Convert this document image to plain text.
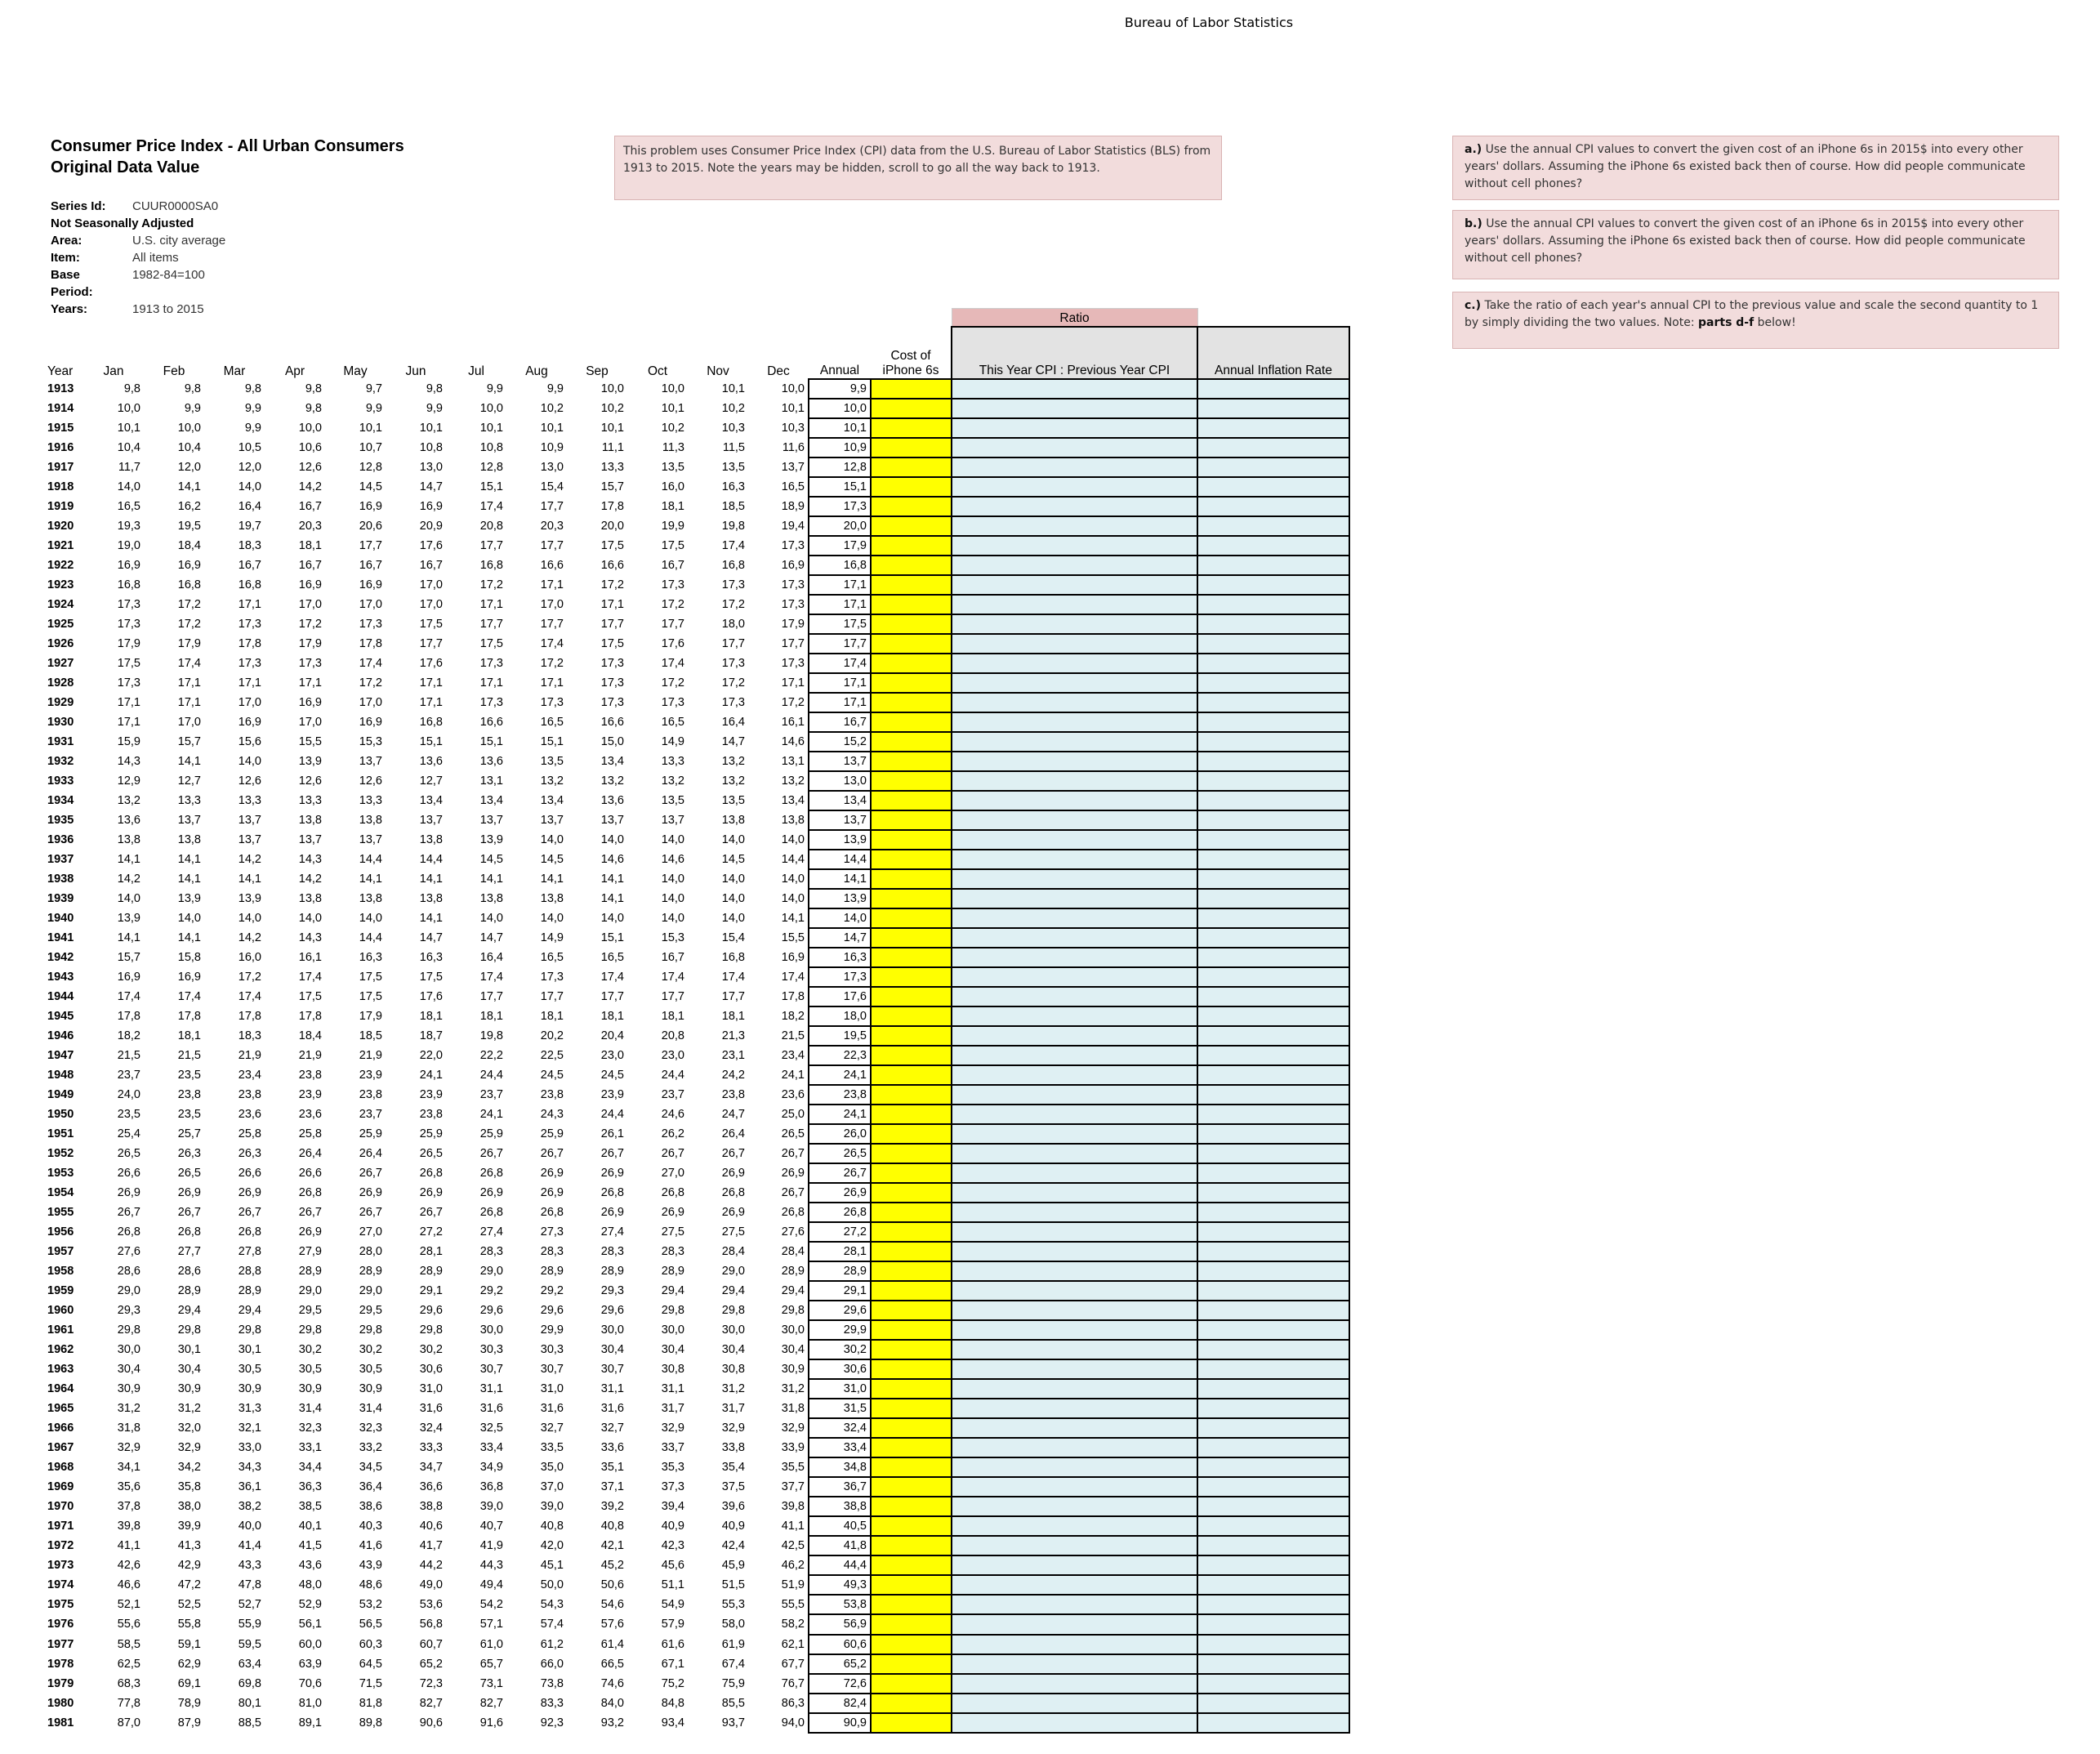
Bureau of Labor Statistics
Consumer Price Index - All Urban Consumers
Original Data Value
Series Id:	CUUR0000SA0
Not Seasonally Adjusted
Area:	U.S. city average
Item:	All items
Base	1982-84=100
Period:
Years:	1913 to 2015
This problem uses Consumer Price Index (CPI) data from the U.S. Bureau of Labor Statistics (BLS) from 1913 to 2015. Note the years may be hidden, scroll to go all the way back to 1913.
a.) Use the annual CPI values to convert the given cost of an iPhone 6s in 2015$ into every other years' dollars. Assuming the iPhone 6s existed back then of course. How did people communicate without cell phones?
b.) Use the annual CPI values to convert the given cost of an iPhone 6s in 2015$ into every other years' dollars. Assuming the iPhone 6s existed back then of course. How did people communicate without cell phones?
c.) Take the ratio of each year's annual CPI to the previous value and scale the second quantity to 1 by simply dividing the two values. Note: parts d-f below!
															Ratio	
Year	Jan	Feb	Mar	Apr	May	Jun	Jul	Aug	Sep	Oct	Nov	Dec	Annual	Cost of iPhone 6s	This Year CPI : Previous Year CPI	Annual Inflation Rate
1913	9,8	9,8	9,8	9,8	9,7	9,8	9,9	9,9	10,0	10,0	10,1	10,0	9,9			
1914	10,0	9,9	9,9	9,8	9,9	9,9	10,0	10,2	10,2	10,1	10,2	10,1	10,0			
1915	10,1	10,0	9,9	10,0	10,1	10,1	10,1	10,1	10,1	10,2	10,3	10,3	10,1			
1916	10,4	10,4	10,5	10,6	10,7	10,8	10,8	10,9	11,1	11,3	11,5	11,6	10,9			
1917	11,7	12,0	12,0	12,6	12,8	13,0	12,8	13,0	13,3	13,5	13,5	13,7	12,8			
1918	14,0	14,1	14,0	14,2	14,5	14,7	15,1	15,4	15,7	16,0	16,3	16,5	15,1			
1919	16,5	16,2	16,4	16,7	16,9	16,9	17,4	17,7	17,8	18,1	18,5	18,9	17,3			
1920	19,3	19,5	19,7	20,3	20,6	20,9	20,8	20,3	20,0	19,9	19,8	19,4	20,0			
1921	19,0	18,4	18,3	18,1	17,7	17,6	17,7	17,7	17,5	17,5	17,4	17,3	17,9			
1922	16,9	16,9	16,7	16,7	16,7	16,7	16,8	16,6	16,6	16,7	16,8	16,9	16,8			
1923	16,8	16,8	16,8	16,9	16,9	17,0	17,2	17,1	17,2	17,3	17,3	17,3	17,1			
1924	17,3	17,2	17,1	17,0	17,0	17,0	17,1	17,0	17,1	17,2	17,2	17,3	17,1			
1925	17,3	17,2	17,3	17,2	17,3	17,5	17,7	17,7	17,7	17,7	18,0	17,9	17,5			
1926	17,9	17,9	17,8	17,9	17,8	17,7	17,5	17,4	17,5	17,6	17,7	17,7	17,7			
1927	17,5	17,4	17,3	17,3	17,4	17,6	17,3	17,2	17,3	17,4	17,3	17,3	17,4			
1928	17,3	17,1	17,1	17,1	17,2	17,1	17,1	17,1	17,3	17,2	17,2	17,1	17,1			
1929	17,1	17,1	17,0	16,9	17,0	17,1	17,3	17,3	17,3	17,3	17,3	17,2	17,1			
1930	17,1	17,0	16,9	17,0	16,9	16,8	16,6	16,5	16,6	16,5	16,4	16,1	16,7			
1931	15,9	15,7	15,6	15,5	15,3	15,1	15,1	15,1	15,0	14,9	14,7	14,6	15,2			
1932	14,3	14,1	14,0	13,9	13,7	13,6	13,6	13,5	13,4	13,3	13,2	13,1	13,7			
1933	12,9	12,7	12,6	12,6	12,6	12,7	13,1	13,2	13,2	13,2	13,2	13,2	13,0			
1934	13,2	13,3	13,3	13,3	13,3	13,4	13,4	13,4	13,6	13,5	13,5	13,4	13,4			
1935	13,6	13,7	13,7	13,8	13,8	13,7	13,7	13,7	13,7	13,7	13,8	13,8	13,7			
1936	13,8	13,8	13,7	13,7	13,7	13,8	13,9	14,0	14,0	14,0	14,0	14,0	13,9			
1937	14,1	14,1	14,2	14,3	14,4	14,4	14,5	14,5	14,6	14,6	14,5	14,4	14,4			
1938	14,2	14,1	14,1	14,2	14,1	14,1	14,1	14,1	14,1	14,0	14,0	14,0	14,1			
1939	14,0	13,9	13,9	13,8	13,8	13,8	13,8	13,8	14,1	14,0	14,0	14,0	13,9			
1940	13,9	14,0	14,0	14,0	14,0	14,1	14,0	14,0	14,0	14,0	14,0	14,1	14,0			
1941	14,1	14,1	14,2	14,3	14,4	14,7	14,7	14,9	15,1	15,3	15,4	15,5	14,7			
1942	15,7	15,8	16,0	16,1	16,3	16,3	16,4	16,5	16,5	16,7	16,8	16,9	16,3			
1943	16,9	16,9	17,2	17,4	17,5	17,5	17,4	17,3	17,4	17,4	17,4	17,4	17,3			
1944	17,4	17,4	17,4	17,5	17,5	17,6	17,7	17,7	17,7	17,7	17,7	17,8	17,6			
1945	17,8	17,8	17,8	17,8	17,9	18,1	18,1	18,1	18,1	18,1	18,1	18,2	18,0			
1946	18,2	18,1	18,3	18,4	18,5	18,7	19,8	20,2	20,4	20,8	21,3	21,5	19,5			
1947	21,5	21,5	21,9	21,9	21,9	22,0	22,2	22,5	23,0	23,0	23,1	23,4	22,3			
1948	23,7	23,5	23,4	23,8	23,9	24,1	24,4	24,5	24,5	24,4	24,2	24,1	24,1			
1949	24,0	23,8	23,8	23,9	23,8	23,9	23,7	23,8	23,9	23,7	23,8	23,6	23,8			
1950	23,5	23,5	23,6	23,6	23,7	23,8	24,1	24,3	24,4	24,6	24,7	25,0	24,1			
1951	25,4	25,7	25,8	25,8	25,9	25,9	25,9	25,9	26,1	26,2	26,4	26,5	26,0			
1952	26,5	26,3	26,3	26,4	26,4	26,5	26,7	26,7	26,7	26,7	26,7	26,7	26,5			
1953	26,6	26,5	26,6	26,6	26,7	26,8	26,8	26,9	26,9	27,0	26,9	26,9	26,7			
1954	26,9	26,9	26,9	26,8	26,9	26,9	26,9	26,9	26,8	26,8	26,8	26,7	26,9			
1955	26,7	26,7	26,7	26,7	26,7	26,7	26,8	26,8	26,9	26,9	26,9	26,8	26,8			
1956	26,8	26,8	26,8	26,9	27,0	27,2	27,4	27,3	27,4	27,5	27,5	27,6	27,2			
1957	27,6	27,7	27,8	27,9	28,0	28,1	28,3	28,3	28,3	28,3	28,4	28,4	28,1			
1958	28,6	28,6	28,8	28,9	28,9	28,9	29,0	28,9	28,9	28,9	29,0	28,9	28,9			
1959	29,0	28,9	28,9	29,0	29,0	29,1	29,2	29,2	29,3	29,4	29,4	29,4	29,1			
1960	29,3	29,4	29,4	29,5	29,5	29,6	29,6	29,6	29,6	29,8	29,8	29,8	29,6			
1961	29,8	29,8	29,8	29,8	29,8	29,8	30,0	29,9	30,0	30,0	30,0	30,0	29,9			
1962	30,0	30,1	30,1	30,2	30,2	30,2	30,3	30,3	30,4	30,4	30,4	30,4	30,2			
1963	30,4	30,4	30,5	30,5	30,5	30,6	30,7	30,7	30,7	30,8	30,8	30,9	30,6			
1964	30,9	30,9	30,9	30,9	30,9	31,0	31,1	31,0	31,1	31,1	31,2	31,2	31,0			
1965	31,2	31,2	31,3	31,4	31,4	31,6	31,6	31,6	31,6	31,7	31,7	31,8	31,5			
1966	31,8	32,0	32,1	32,3	32,3	32,4	32,5	32,7	32,7	32,9	32,9	32,9	32,4			
1967	32,9	32,9	33,0	33,1	33,2	33,3	33,4	33,5	33,6	33,7	33,8	33,9	33,4			
1968	34,1	34,2	34,3	34,4	34,5	34,7	34,9	35,0	35,1	35,3	35,4	35,5	34,8			
1969	35,6	35,8	36,1	36,3	36,4	36,6	36,8	37,0	37,1	37,3	37,5	37,7	36,7			
1970	37,8	38,0	38,2	38,5	38,6	38,8	39,0	39,0	39,2	39,4	39,6	39,8	38,8			
1971	39,8	39,9	40,0	40,1	40,3	40,6	40,7	40,8	40,8	40,9	40,9	41,1	40,5			
1972	41,1	41,3	41,4	41,5	41,6	41,7	41,9	42,0	42,1	42,3	42,4	42,5	41,8			
1973	42,6	42,9	43,3	43,6	43,9	44,2	44,3	45,1	45,2	45,6	45,9	46,2	44,4			
1974	46,6	47,2	47,8	48,0	48,6	49,0	49,4	50,0	50,6	51,1	51,5	51,9	49,3			
1975	52,1	52,5	52,7	52,9	53,2	53,6	54,2	54,3	54,6	54,9	55,3	55,5	53,8			
1976	55,6	55,8	55,9	56,1	56,5	56,8	57,1	57,4	57,6	57,9	58,0	58,2	56,9			
1977	58,5	59,1	59,5	60,0	60,3	60,7	61,0	61,2	61,4	61,6	61,9	62,1	60,6			
1978	62,5	62,9	63,4	63,9	64,5	65,2	65,7	66,0	66,5	67,1	67,4	67,7	65,2			
1979	68,3	69,1	69,8	70,6	71,5	72,3	73,1	73,8	74,6	75,2	75,9	76,7	72,6			
1980	77,8	78,9	80,1	81,0	81,8	82,7	82,7	83,3	84,0	84,8	85,5	86,3	82,4			
1981	87,0	87,9	88,5	89,1	89,8	90,6	91,6	92,3	93,2	93,4	93,7	94,0	90,9			
